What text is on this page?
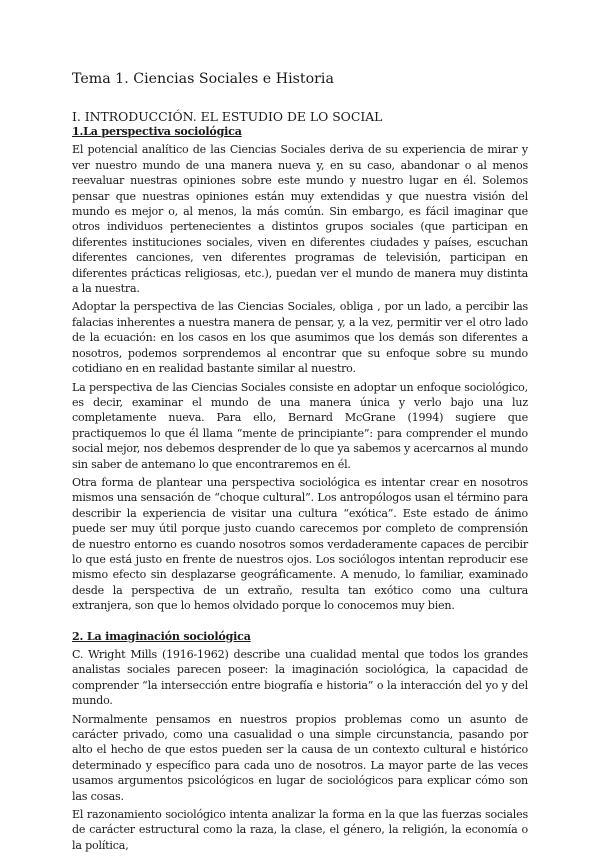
Tema 1. Ciencias Sociales e Historia
I. INTRODUCCIÓN. EL ESTUDIO DE LO SOCIAL

1.La perspectiva sociológica

El potencial analítico de las Ciencias Sociales deriva de su experiencia de mirar y ver nuestro mundo de una manera nueva y, en su caso, abandonar o al menos reevaluar nuestras opiniones sobre este mundo y nuestro lugar en él. Solemos pensar que nuestras opiniones están muy extendidas y que nuestra visión del mundo es mejor o, al menos, la más común. Sin embargo, es fácil imaginar que otros individuos pertenecientes a distintos grupos sociales (que participan en diferentes instituciones sociales, viven en diferentes ciudades y países, escuchan diferentes canciones, ven diferentes programas de televisión, participan en diferentes prácticas religiosas, etc.), puedan ver el mundo de manera muy distinta a la nuestra.

Adoptar la perspectiva de las Ciencias Sociales, obliga , por un lado, a percibir las falacias inherentes a nuestra manera de pensar, y, a la vez, permitir ver el otro lado de la ecuación: en los casos en los que asumimos que los demás son diferentes a nosotros, podemos sorprendemos al encontrar que su enfoque sobre su mundo cotidiano en en realidad bastante similar al nuestro.

La perspectiva de las Ciencias Sociales consiste en adoptar un enfoque sociológico, es decir, examinar el mundo de una manera única y verlo bajo una luz completamente nueva. Para ello, Bernard McGrane (1994) sugiere que practiquemos lo que él llama “mente de principiante”: para comprender el mundo social mejor, nos debemos desprender de lo que ya sabemos y acercarnos al mundo sin saber de antemano lo que encontraremos en él.

Otra forma de plantear una perspectiva sociológica es intentar crear en nosotros mismos una sensación de “choque cultural”. Los antropólogos usan el término para describir la experiencia de visitar una cultura “exótica”. Este estado de ánimo puede ser muy útil porque justo cuando carecemos por completo de comprensión de nuestro entorno es cuando nosotros somos verdaderamente capaces de percibir lo que está justo en frente de nuestros ojos. Los sociólogos intentan reproducir ese mismo efecto sin desplazarse geográficamente. A menudo, lo familiar, examinado desde la perspectiva de un extraño, resulta tan exótico como una cultura extranjera, son que lo hemos olvidado porque lo conocemos muy bien.

2. La imaginación sociológica

C. Wright Mills (1916-1962) describe una cualidad mental que todos los grandes analistas sociales parecen poseer: la imaginación sociológica, la capacidad de comprender “la intersección entre biografía e historia” o la interacción del yo y del mundo.

Normalmente pensamos en nuestros propios problemas como un asunto de carácter privado, como una casualidad o una simple circunstancia, pasando por alto el hecho de que estos pueden ser la causa de un contexto cultural e histórico determinado y específico para cada uno de nosotros. La mayor parte de las veces usamos argumentos psicológicos en lugar de sociológicos para explicar cómo son las cosas.

El razonamiento sociológico intenta analizar la forma en la que las fuerzas sociales de carácter estructural como la raza, la clase, el género, la religión, la economía o la política,
